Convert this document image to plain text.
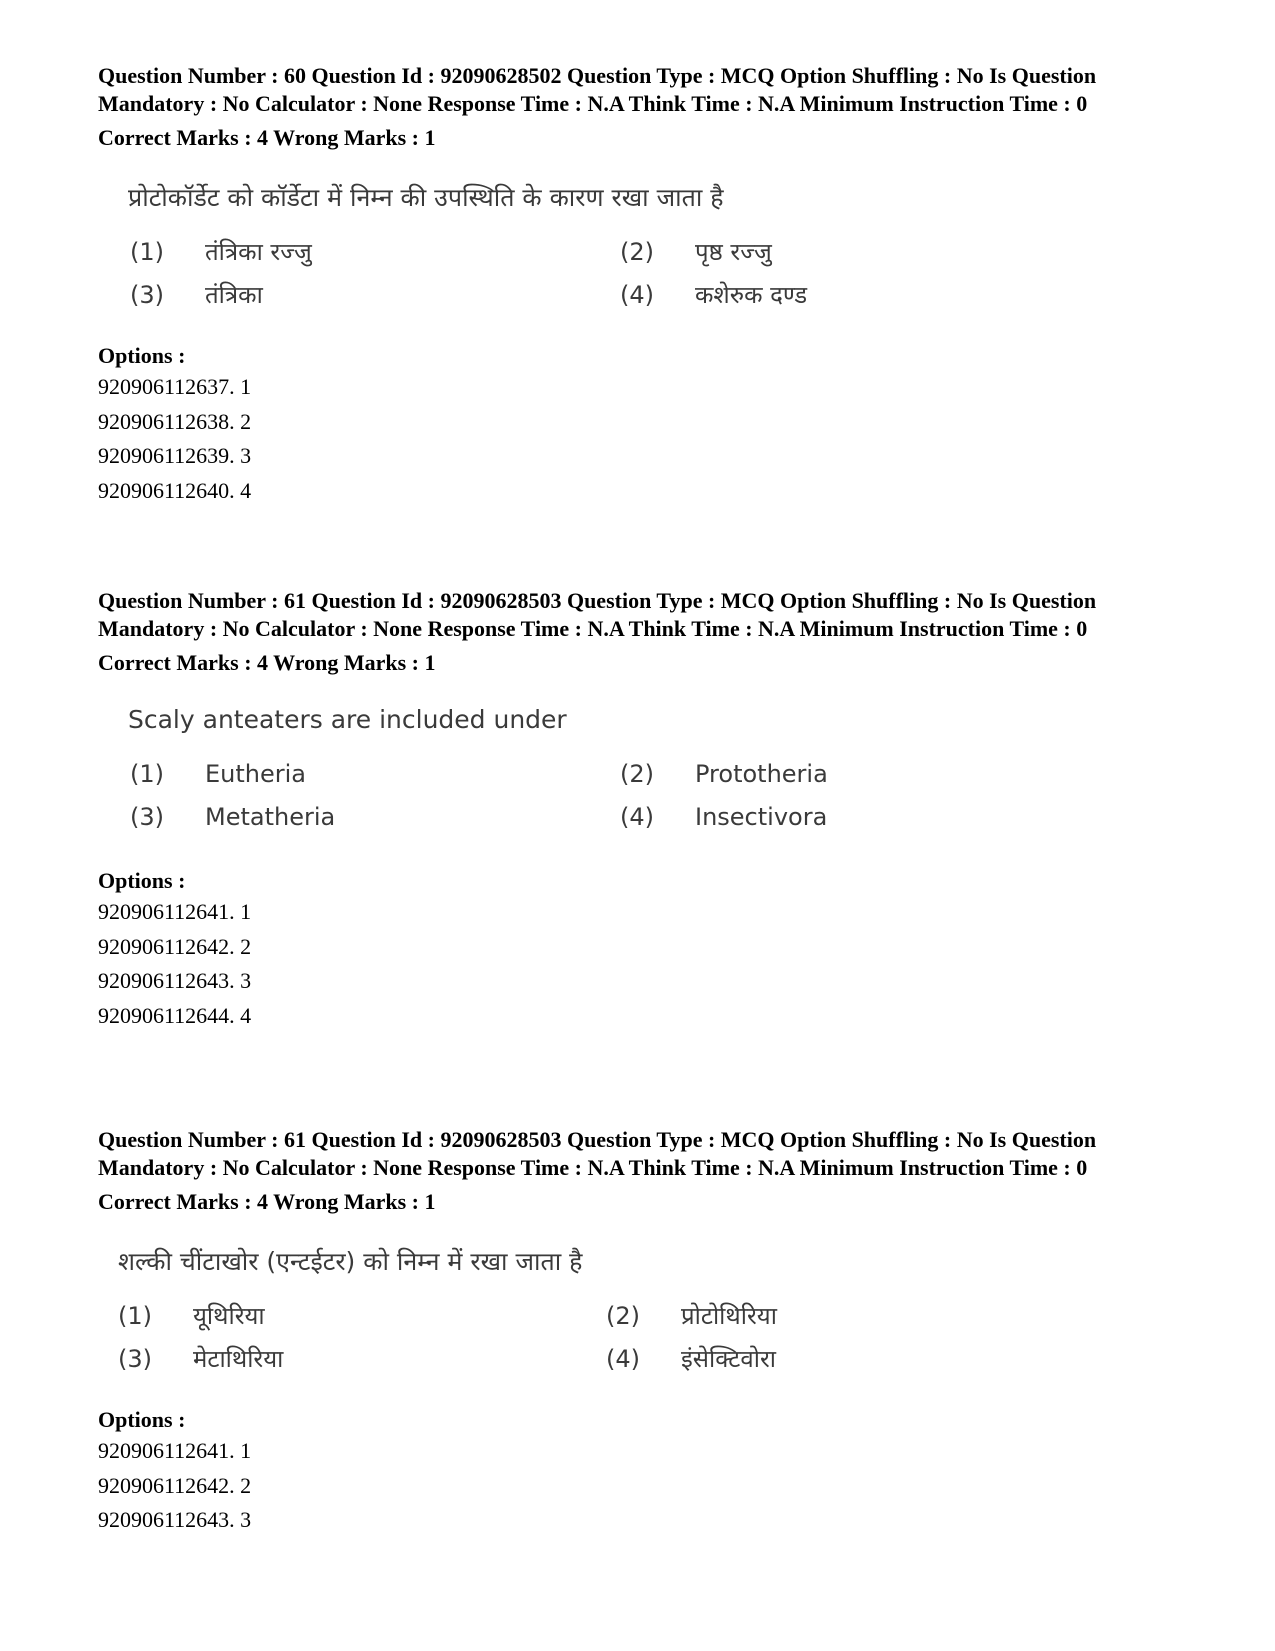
Question Number : 60 Question Id : 92090628502 Question Type : MCQ Option Shuffling : No Is Question Mandatory : No Calculator : None Response Time : N.A Think Time : N.A Minimum Instruction Time : 0

Correct Marks : 4 Wrong Marks : 1
प्रोटोकॉर्डेट को कॉर्डेटा में निम्न की उपस्थिति के कारण रखा जाता है
(1) तंत्रिका रज्जु	(2) पृष्ठ रज्जु
(3) तंत्रिका	(4) कशेरुक दण्ड
Options :
920906112637. 1
920906112638. 2
920906112639. 3
920906112640. 4

Question Number : 61 Question Id : 92090628503 Question Type : MCQ Option Shuffling : No Is Question Mandatory : No Calculator : None Response Time : N.A Think Time : N.A Minimum Instruction Time : 0

Correct Marks : 4 Wrong Marks : 1
Scaly anteaters are included under
(1) Eutheria	(2) Prototheria
(3) Metatheria	(4) Insectivora
Options :
920906112641. 1
920906112642. 2
920906112643. 3
920906112644. 4

Question Number : 61 Question Id : 92090628503 Question Type : MCQ Option Shuffling : No Is Question Mandatory : No Calculator : None Response Time : N.A Think Time : N.A Minimum Instruction Time : 0

Correct Marks : 4 Wrong Marks : 1
शल्की चींटाखोर (एन्टईटर) को निम्न में रखा जाता है
(1) यूथिरिया	(2) प्रोटोथिरिया
(3) मेटाथिरिया	(4) इंसेक्टिवोरा
Options :
920906112641. 1
920906112642. 2
920906112643. 3
